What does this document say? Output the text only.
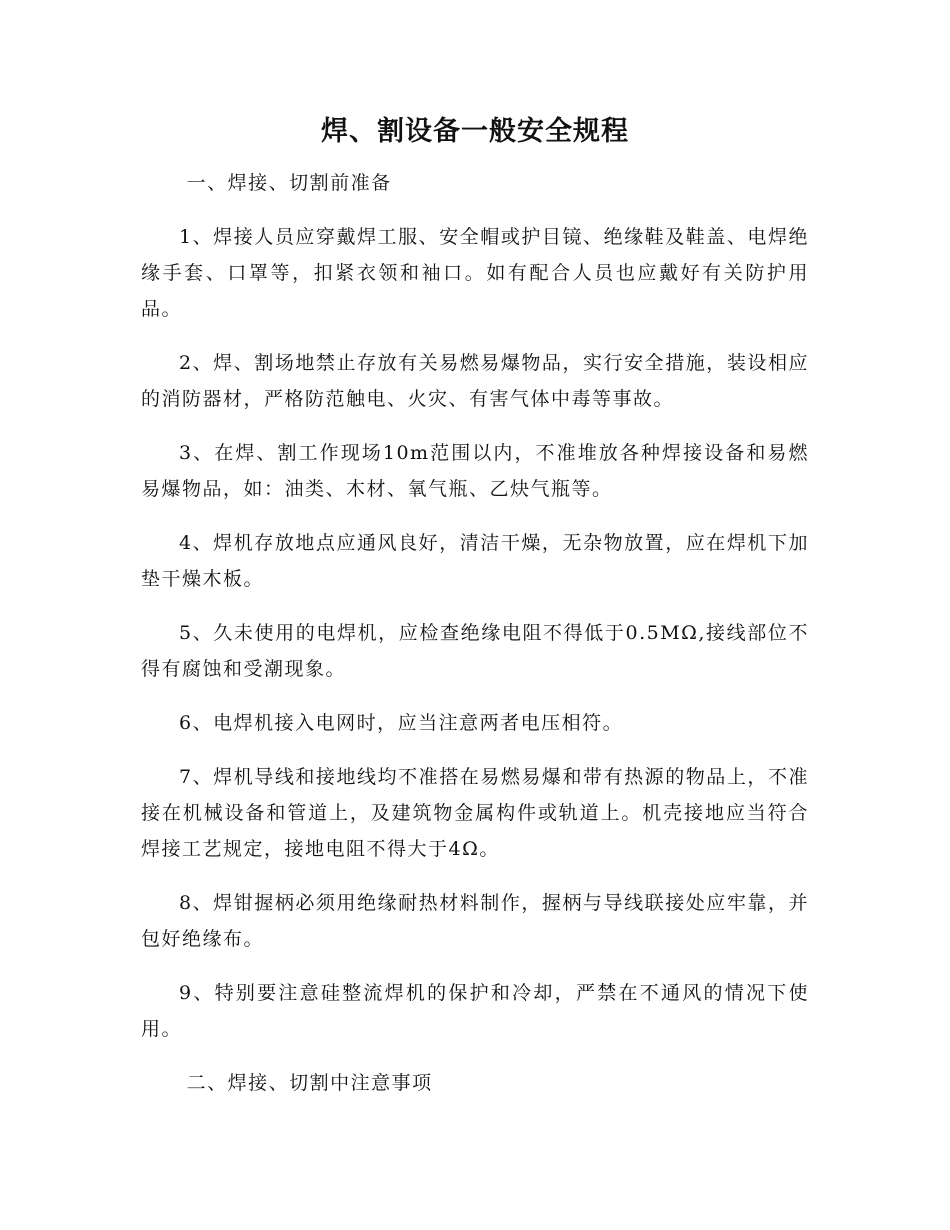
焊、割设备一般安全规程

一、焊接、切割前准备

1、焊接人员应穿戴焊工服、安全帽或护目镜、绝缘鞋及鞋盖、电焊绝缘手套、口罩等，扣紧衣领和袖口。如有配合人员也应戴好有关防护用品。

2、焊、割场地禁止存放有关易燃易爆物品，实行安全措施，装设相应的消防器材，严格防范触电、火灾、有害气体中毒等事故。

3、在焊、割工作现场10m范围以内，不准堆放各种焊接设备和易燃易爆物品，如：油类、木材、氧气瓶、乙炔气瓶等。

4、焊机存放地点应通风良好，清洁干燥，无杂物放置，应在焊机下加垫干燥木板。

5、久未使用的电焊机，应检查绝缘电阻不得低于0.5MΩ,接线部位不得有腐蚀和受潮现象。

6、电焊机接入电网时，应当注意两者电压相符。

7、焊机导线和接地线均不准搭在易燃易爆和带有热源的物品上，不准接在机械设备和管道上，及建筑物金属构件或轨道上。机壳接地应当符合焊接工艺规定，接地电阻不得大于4Ω。

8、焊钳握柄必须用绝缘耐热材料制作，握柄与导线联接处应牢靠，并包好绝缘布。

9、特别要注意硅整流焊机的保护和冷却，严禁在不通风的情况下使用。

二、焊接、切割中注意事项
